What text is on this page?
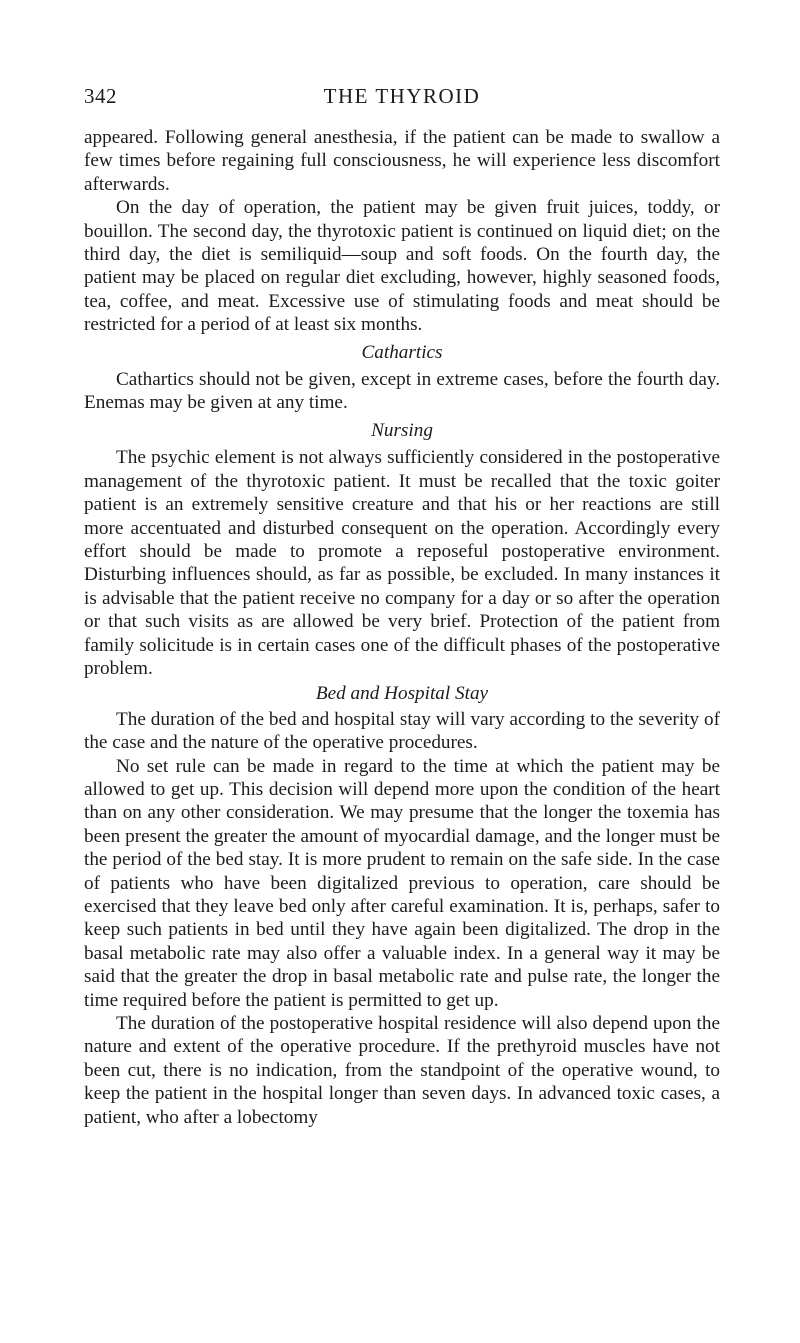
342	THE THYROID

appeared. Following general anesthesia, if the patient can be made to swallow a few times before regaining full consciousness, he will experience less discomfort afterwards.

On the day of operation, the patient may be given fruit juices, toddy, or bouillon. The second day, the thyrotoxic patient is continued on liquid diet; on the third day, the diet is semiliquid—soup and soft foods. On the fourth day, the patient may be placed on regular diet excluding, however, highly seasoned foods, tea, coffee, and meat. Excessive use of stimulating foods and meat should be restricted for a period of at least six months.

Cathartics

Cathartics should not be given, except in extreme cases, before the fourth day. Enemas may be given at any time.

Nursing

The psychic element is not always sufficiently considered in the postoperative management of the thyrotoxic patient. It must be recalled that the toxic goiter patient is an extremely sensitive creature and that his or her reactions are still more accentuated and disturbed consequent on the operation. Accordingly every effort should be made to promote a reposeful postoperative environment. Disturbing influences should, as far as possible, be excluded. In many instances it is advisable that the patient receive no company for a day or so after the operation or that such visits as are allowed be very brief. Protection of the patient from family solicitude is in certain cases one of the difficult phases of the postoperative problem.

Bed and Hospital Stay

The duration of the bed and hospital stay will vary according to the severity of the case and the nature of the operative procedures.

No set rule can be made in regard to the time at which the patient may be allowed to get up. This decision will depend more upon the condition of the heart than on any other consideration. We may presume that the longer the toxemia has been present the greater the amount of myocardial damage, and the longer must be the period of the bed stay. It is more prudent to remain on the safe side. In the case of patients who have been digitalized previous to operation, care should be exercised that they leave bed only after careful examination. It is, perhaps, safer to keep such patients in bed until they have again been digitalized. The drop in the basal metabolic rate may also offer a valuable index. In a general way it may be said that the greater the drop in basal metabolic rate and pulse rate, the longer the time required before the patient is permitted to get up.

The duration of the postoperative hospital residence will also depend upon the nature and extent of the operative procedure. If the prethyroid muscles have not been cut, there is no indication, from the standpoint of the operative wound, to keep the patient in the hospital longer than seven days. In advanced toxic cases, a patient, who after a lobectomy
